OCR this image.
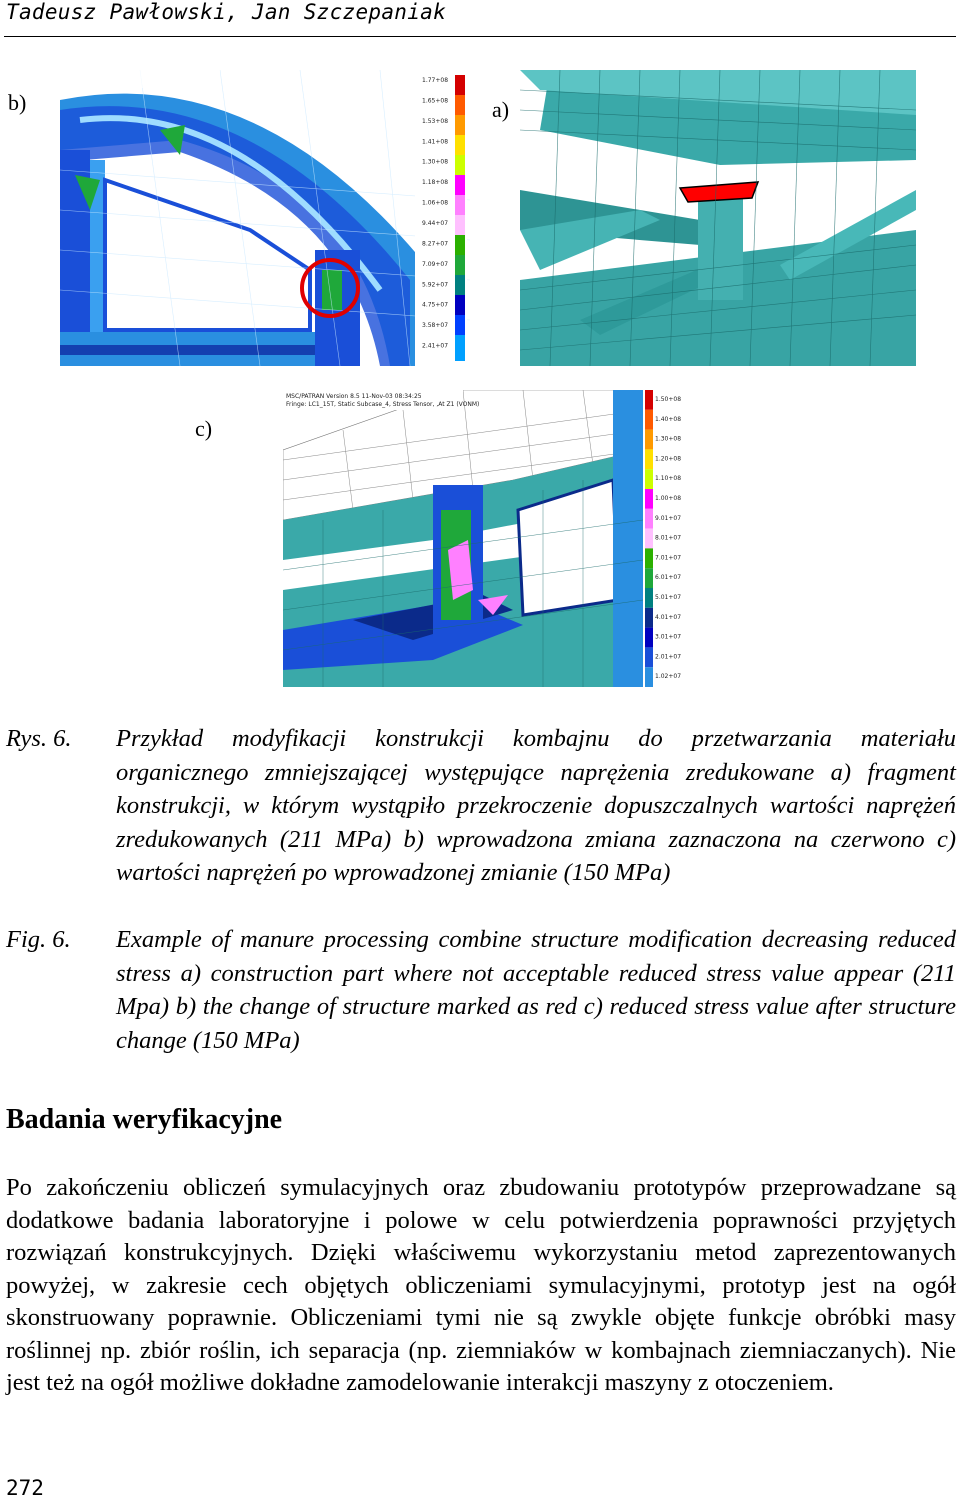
Tadeusz Pawłowski, Jan Szczepaniak
b)	a)
c)
1.77+08
1.65+08
1.53+08
1.41+08
1.30+08
1.18+08
1.06+08
9.44+07
8.27+07
7.09+07
5.92+07
4.75+07
3.58+07
2.41+07
MSC/PATRAN Version 8.5 11-Nov-03 08:34:25
Fringe: LC1_15T, Static Subcase_4, Stress Tensor, ,At Z1 (VONM)
1.50+08
1.40+08
1.30+08
1.20+08
1.10+08
1.00+08
9.01+07
8.01+07
7.01+07
6.01+07
5.01+07
4.01+07
3.01+07
2.01+07
1.02+07
Rys. 6.	Przykład modyfikacji konstrukcji kombajnu do przetwarzania materiału organicznego zmniejszającej występujące naprężenia zredukowane a) fragment konstrukcji, w którym wystąpiło przekroczenie dopuszczalnych wartości naprężeń zredukowanych (211 MPa) b) wprowadzona zmiana zaznaczona na czerwono c) wartości naprężeń po wprowadzonej zmianie (150 MPa)
Fig. 6.	Example of manure processing combine structure modification decreasing reduced stress a) construction part where not acceptable reduced stress value appear (211 Mpa) b) the change of structure marked as red c) reduced stress value after structure change (150 MPa)
Badania weryfikacyjne
Po zakończeniu obliczeń symulacyjnych oraz zbudowaniu prototypów przeprowadzane są dodatkowe badania laboratoryjne i polowe w celu potwierdzenia poprawności przyjętych rozwiązań konstrukcyjnych. Dzięki właściwemu wykorzystaniu metod zaprezentowanych powyżej, w zakresie cech objętych obliczeniami symulacyjnymi, prototyp jest na ogół skonstruowany poprawnie. Obliczeniami tymi nie są zwykle objęte funkcje obróbki masy roślinnej np. zbiór roślin, ich separacja (np. ziemniaków w kombajnach ziemniaczanych). Nie jest też na ogół możliwe dokładne zamodelowanie interakcji maszyny z otoczeniem.
272
